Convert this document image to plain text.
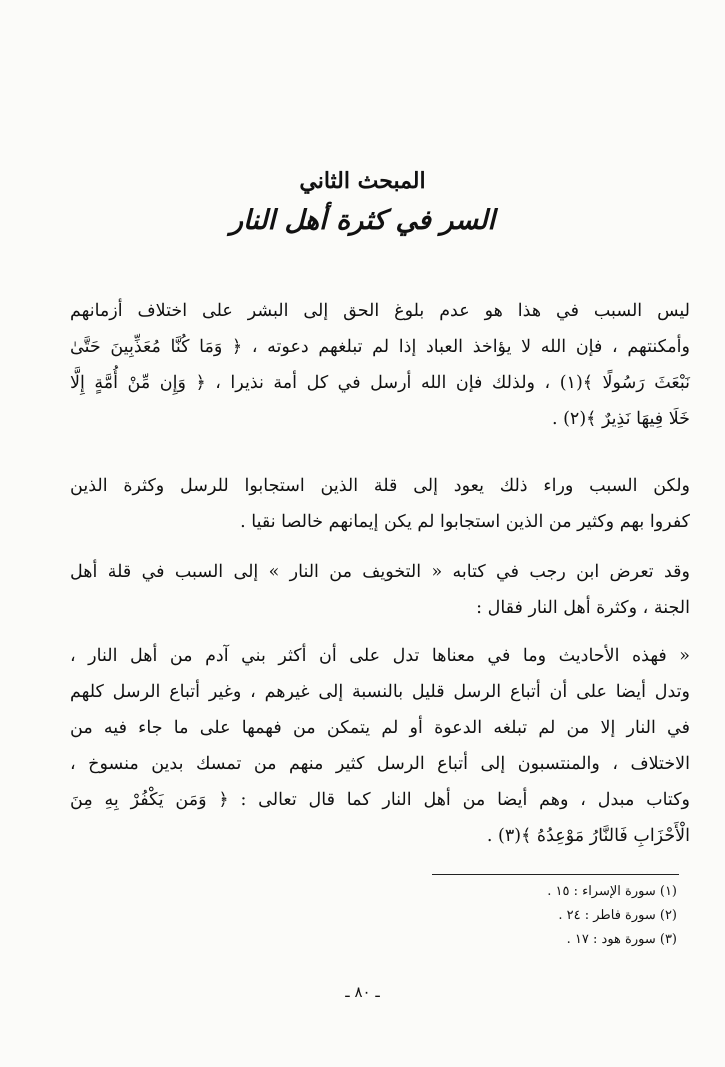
المبحث الثاني
السر في كثرة أهل النار
ليس السبب في هذا هو عدم بلوغ الحق إلى البشر على اختلاف أزمانهم
وأمكنتهم ، فإن الله لا يؤاخذ العباد إذا لم تبلغهم دعوته ، ﴿ وَمَا كُنَّا مُعَذِّبِينَ حَتَّىٰ
نَبْعَثَ رَسُولًا ﴾(١) ، ولذلك فإن الله أرسل في كل أمة نذيرا ، ﴿ وَإِن مِّنْ أُمَّةٍ إِلَّا
خَلَا فِيهَا نَذِيرٌ ﴾(٢) .
ولكن السبب وراء ذلك يعود إلى قلة الذين استجابوا للرسل وكثرة الذين
كفروا بهم وكثير من الذين استجابوا لم يكن إيمانهم خالصا نقيا .
وقد تعرض ابن رجب في كتابه « التخويف من النار » إلى السبب في قلة أهل
الجنة ، وكثرة أهل النار فقال :
« فهذه الأحاديث وما في معناها تدل على أن أكثر بني آدم من أهل النار ،
وتدل أيضا على أن أتباع الرسل قليل بالنسبة إلى غيرهم ، وغير أتباع الرسل كلهم
في النار إلا من لم تبلغه الدعوة أو لم يتمكن من فهمها على ما جاء فيه من
الاختلاف ، والمنتسبون إلى أتباع الرسل كثير منهم من تمسك بدين منسوخ ،
وكتاب مبدل ، وهم أيضا من أهل النار كما قال تعالى : ﴿ وَمَن يَكْفُرْ بِهِ مِنَ
الْأَحْزَابِ فَالنَّارُ مَوْعِدُهُ ﴾(٣) .
(١) سورة الإسراء : ١٥ .
(٢) سورة فاطر : ٢٤ .
(٣) سورة هود : ١٧ .
ـ ٨٠ ـ
